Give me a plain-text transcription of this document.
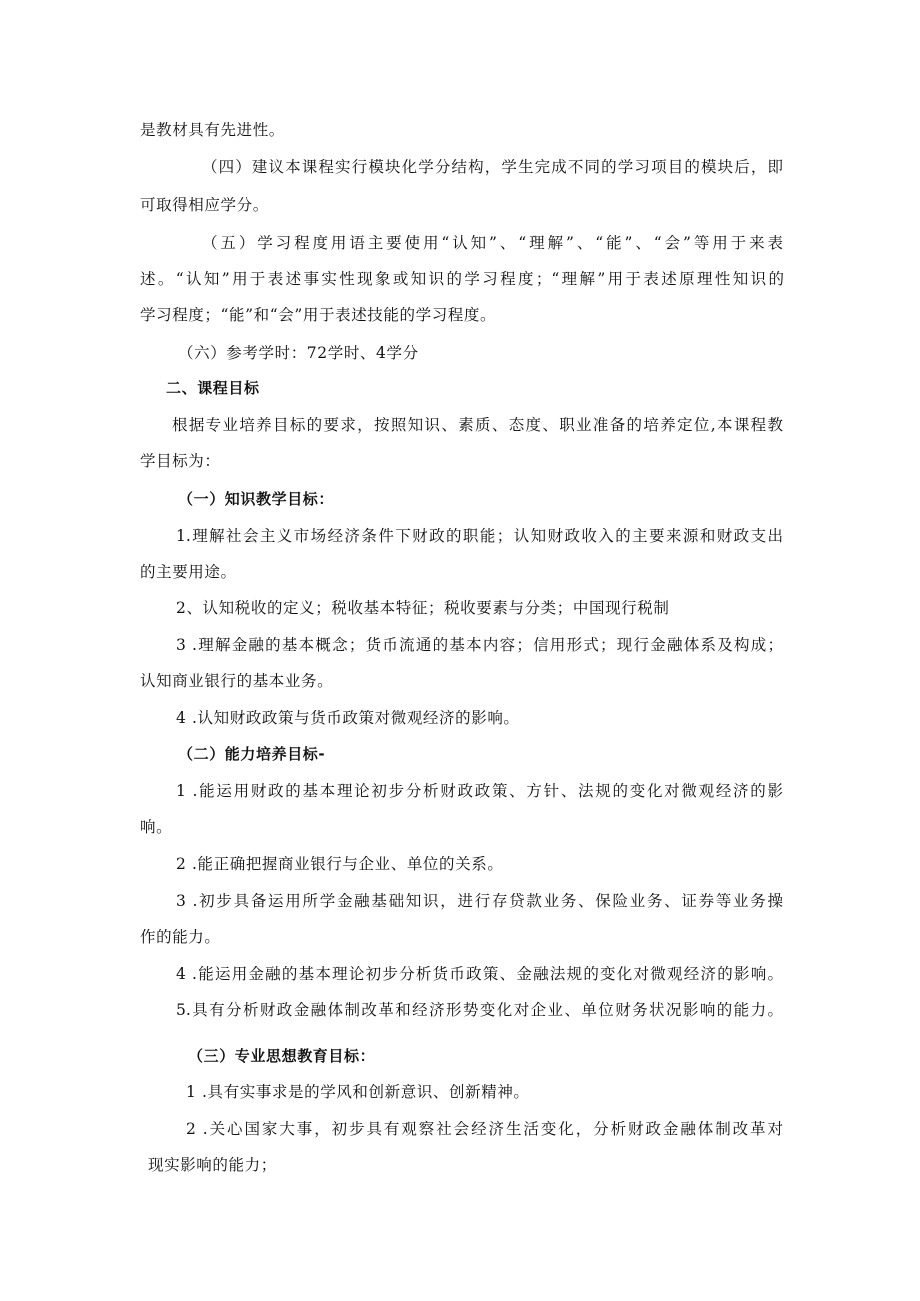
是教材具有先进性。

（四）建议本课程实行模块化学分结构，学生完成不同的学习项目的模块后，即

可取得相应学分。

（五）学习程度用语主要使用“认知”、“理解”、“能”、“会”等用于来表

述。“认知”用于表述事实性现象或知识的学习程度；“理解”用于表述原理性知识的

学习程度；“能”和“会”用于表述技能的学习程度。

（六）参考学时：72学时、4学分

二、课程目标

根据专业培养目标的要求，按照知识、素质、态度、职业准备的培养定位,本课程教

学目标为：

（一）知识教学目标：

1.理解社会主义市场经济条件下财政的职能；认知财政收入的主要来源和财政支出

的主要用途。

2、认知税收的定义；税收基本特征；税收要素与分类；中国现行税制

3 .理解金融的基本概念；货币流通的基本内容；信用形式；现行金融体系及构成；

认知商业银行的基本业务。

4 .认知财政政策与货币政策对微观经济的影响。

（二）能力培养目标-

1 .能运用财政的基本理论初步分析财政政策、方针、法规的变化对微观经济的影

响。

2 .能正确把握商业银行与企业、单位的关系。

3 .初步具备运用所学金融基础知识，进行存贷款业务、保险业务、证券等业务操

作的能力。

4 .能运用金融的基本理论初步分析货币政策、金融法规的变化对微观经济的影响。

5.具有分析财政金融体制改革和经济形势变化对企业、单位财务状况影响的能力。

（三）专业思想教育目标：

1 .具有实事求是的学风和创新意识、创新精神。

2 .关心国家大事，初步具有观察社会经济生活变化，分析财政金融体制改革对

现实影响的能力；
